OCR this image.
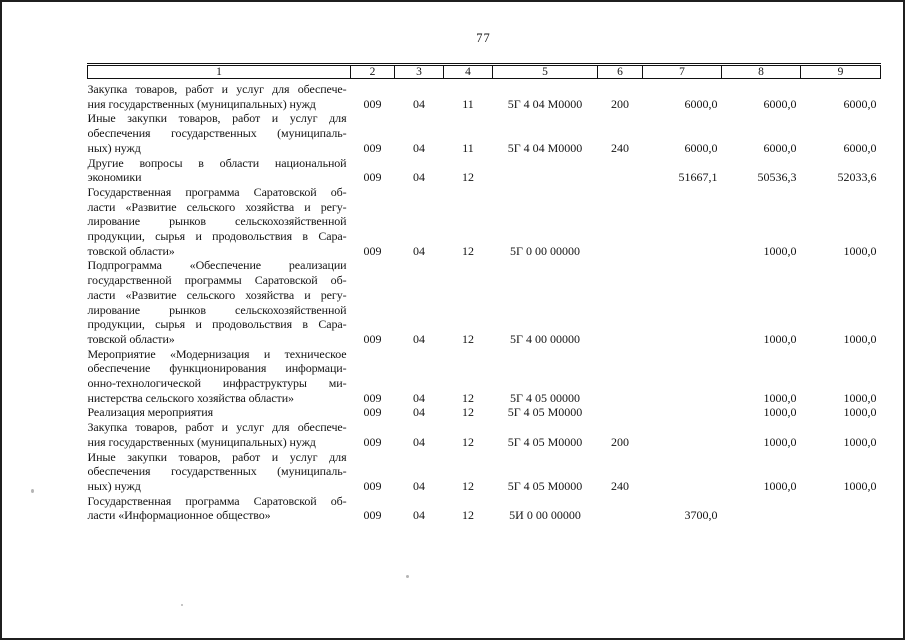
77
1	2	3	4	5	6	7	8	9

Закупка товаров, работ и услуг для обеспече-
ния государственных (муниципальных) нужд	009	04	11	5Г 4 04 М0000	200	6000,0	6000,0	6000,0

Иные закупки товаров, работ и услуг для
обеспечения государственных (муниципаль-
ных) нужд	009	04	11	5Г 4 04 М0000	240	6000,0	6000,0	6000,0

Другие вопросы в области национальной
экономики	009	04	12			51667,1	50536,3	52033,6

Государственная программа Саратовской об-
ласти «Развитие сельского хозяйства и регу-
лирование рынков сельскохозяйственной
продукции, сырья и продовольствия в Сара-
товской области»	009	04	12	5Г 0 00 00000			1000,0	1000,0

Подпрограмма «Обеспечение реализации
государственной программы Саратовской об-
ласти «Развитие сельского хозяйства и регу-
лирование рынков сельскохозяйственной
продукции, сырья и продовольствия в Сара-
товской области»	009	04	12	5Г 4 00 00000			1000,0	1000,0

Мероприятие «Модернизация и техническое
обеспечение функционирования информаци-
онно-технологической инфраструктуры ми-
нистерства сельского хозяйства области»	009	04	12	5Г 4 05 00000			1000,0	1000,0

Реализация мероприятия	009	04	12	5Г 4 05 М0000			1000,0	1000,0

Закупка товаров, работ и услуг для обеспече-
ния государственных (муниципальных) нужд	009	04	12	5Г 4 05 М0000	200		1000,0	1000,0

Иные закупки товаров, работ и услуг для
обеспечения государственных (муниципаль-
ных) нужд	009	04	12	5Г 4 05 М0000	240		1000,0	1000,0

Государственная программа Саратовской об-
ласти «Информационное общество»	009	04	12	5И 0 00 00000		3700,0		
